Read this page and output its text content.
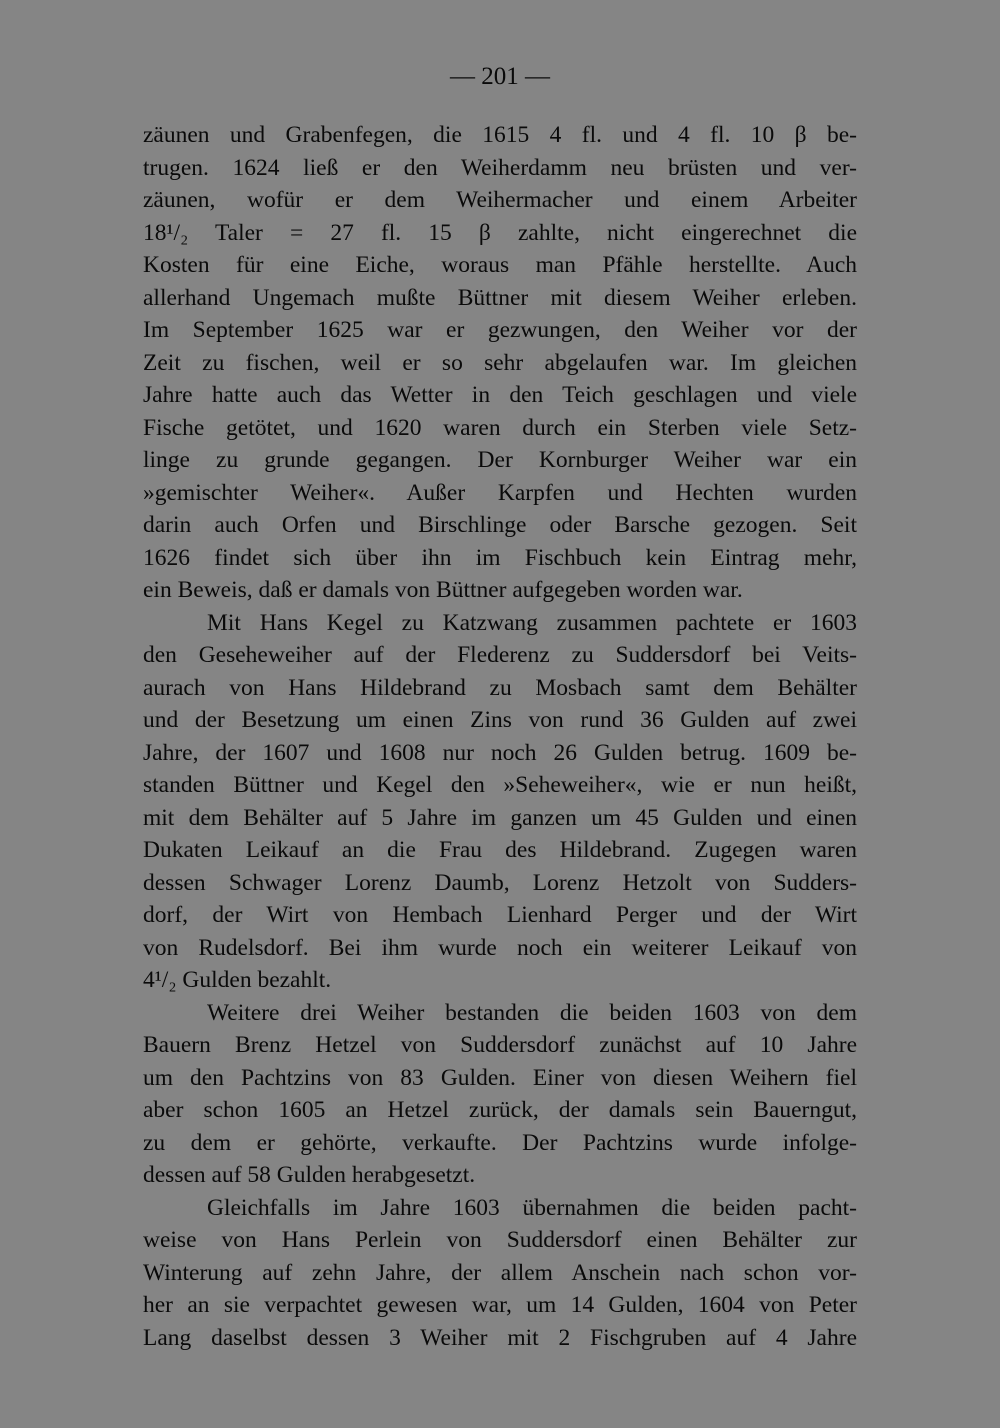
— 201 —
zäunen und Grabenfegen, die 1615 4 fl. und 4 fl. 10 β be-
trugen. 1624 ließ er den Weiherdamm neu brüsten und ver-
zäunen, wofür er dem Weihermacher und einem Arbeiter
18¹/₂ Taler = 27 fl. 15 β zahlte, nicht eingerechnet die
Kosten für eine Eiche, woraus man Pfähle herstellte. Auch
allerhand Ungemach mußte Büttner mit diesem Weiher erleben.
Im September 1625 war er gezwungen, den Weiher vor der
Zeit zu fischen, weil er so sehr abgelaufen war. Im gleichen
Jahre hatte auch das Wetter in den Teich geschlagen und viele
Fische getötet, und 1620 waren durch ein Sterben viele Setz-
linge zu grunde gegangen. Der Kornburger Weiher war ein
»gemischter Weiher«. Außer Karpfen und Hechten wurden
darin auch Orfen und Birschlinge oder Barsche gezogen. Seit
1626 findet sich über ihn im Fischbuch kein Eintrag mehr,
ein Beweis, daß er damals von Büttner aufgegeben worden war.
Mit Hans Kegel zu Katzwang zusammen pachtete er 1603
den Geseheweiher auf der Flederenz zu Suddersdorf bei Veits-
aurach von Hans Hildebrand zu Mosbach samt dem Behälter
und der Besetzung um einen Zins von rund 36 Gulden auf zwei
Jahre, der 1607 und 1608 nur noch 26 Gulden betrug. 1609 be-
standen Büttner und Kegel den »Seheweiher«, wie er nun heißt,
mit dem Behälter auf 5 Jahre im ganzen um 45 Gulden und einen
Dukaten Leikauf an die Frau des Hildebrand. Zugegen waren
dessen Schwager Lorenz Daumb, Lorenz Hetzolt von Sudders-
dorf, der Wirt von Hembach Lienhard Perger und der Wirt
von Rudelsdorf. Bei ihm wurde noch ein weiterer Leikauf von
4¹/₂ Gulden bezahlt.
Weitere drei Weiher bestanden die beiden 1603 von dem
Bauern Brenz Hetzel von Suddersdorf zunächst auf 10 Jahre
um den Pachtzins von 83 Gulden. Einer von diesen Weihern fiel
aber schon 1605 an Hetzel zurück, der damals sein Bauerngut,
zu dem er gehörte, verkaufte. Der Pachtzins wurde infolge-
dessen auf 58 Gulden herabgesetzt.
Gleichfalls im Jahre 1603 übernahmen die beiden pacht-
weise von Hans Perlein von Suddersdorf einen Behälter zur
Winterung auf zehn Jahre, der allem Anschein nach schon vor-
her an sie verpachtet gewesen war, um 14 Gulden, 1604 von Peter
Lang daselbst dessen 3 Weiher mit 2 Fischgruben auf 4 Jahre
